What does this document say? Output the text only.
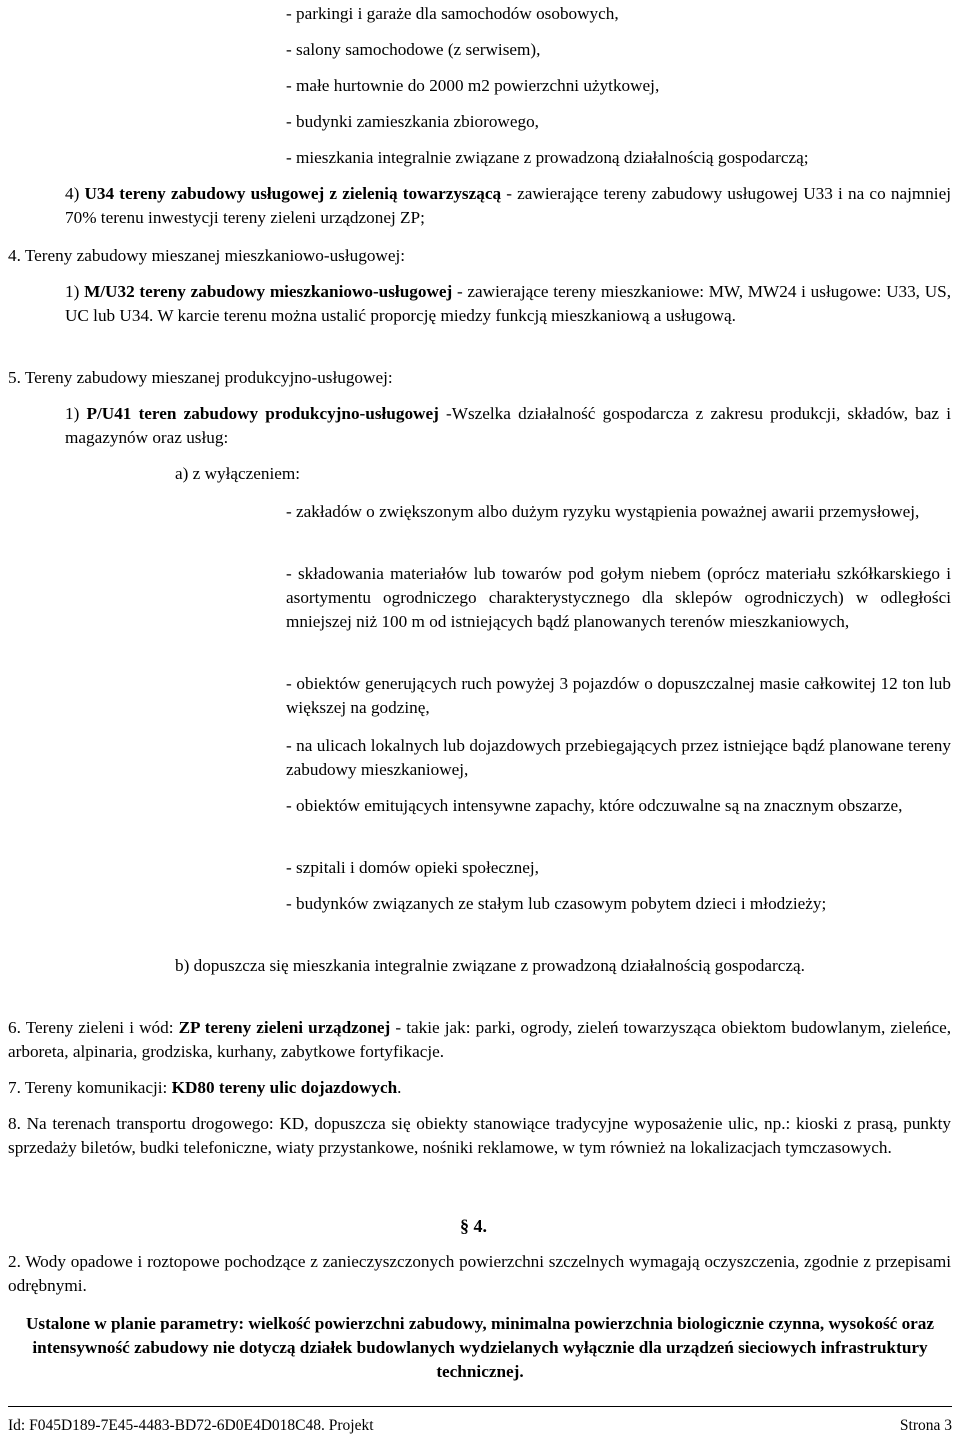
- parkingi i garaże dla samochodów osobowych,

- salony samochodowe (z serwisem),

- małe hurtownie do 2000 m2 powierzchni użytkowej,

- budynki zamieszkania zbiorowego,

- mieszkania integralnie związane z prowadzoną działalnością gospodarczą;

4) U34 tereny zabudowy usługowej z zielenią towarzyszącą - zawierające tereny zabudowy usługowej U33 i na co najmniej 70% terenu inwestycji tereny zieleni urządzonej ZP;

4. Tereny zabudowy mieszanej mieszkaniowo-usługowej:

1) M/U32 tereny zabudowy mieszkaniowo-usługowej - zawierające tereny mieszkaniowe: MW, MW24 i usługowe: U33, US, UC lub U34. W karcie terenu można ustalić proporcję miedzy funkcją mieszkaniową a usługową.

5. Tereny zabudowy mieszanej produkcyjno-usługowej:

1) P/U41 teren zabudowy produkcyjno-usługowej -Wszelka działalność gospodarcza z zakresu produkcji, składów, baz i magazynów oraz usług:

a) z wyłączeniem:

- zakładów o zwiększonym albo dużym ryzyku wystąpienia poważnej awarii przemysłowej,

- składowania materiałów lub towarów pod gołym niebem (oprócz materiału szkółkarskiego i asortymentu ogrodniczego charakterystycznego dla sklepów ogrodniczych) w odległości mniejszej niż 100 m od istniejących bądź planowanych terenów mieszkaniowych,

- obiektów generujących ruch powyżej 3 pojazdów o dopuszczalnej masie całkowitej 12 ton lub większej na godzinę,

- na ulicach lokalnych lub dojazdowych przebiegających przez istniejące bądź planowane tereny zabudowy mieszkaniowej,

- obiektów emitujących intensywne zapachy, które odczuwalne są na znacznym obszarze,

- szpitali i domów opieki społecznej,

- budynków związanych ze stałym lub czasowym pobytem dzieci i młodzieży;

b) dopuszcza się mieszkania integralnie związane z prowadzoną działalnością gospodarczą.

6. Tereny zieleni i wód: ZP tereny zieleni urządzonej - takie jak: parki, ogrody, zieleń towarzysząca obiektom budowlanym, zieleńce, arboreta, alpinaria, grodziska, kurhany, zabytkowe fortyfikacje.

7. Tereny komunikacji: KD80 tereny ulic dojazdowych.

8. Na terenach transportu drogowego: KD, dopuszcza się obiekty stanowiące tradycyjne wyposażenie ulic, np.: kioski z prasą, punkty sprzedaży biletów, budki telefoniczne, wiaty przystankowe, nośniki reklamowe, w tym również na lokalizacjach tymczasowych.

§ 4.

2. Wody opadowe i roztopowe pochodzące z zanieczyszczonych powierzchni szczelnych wymagają oczyszczenia, zgodnie z przepisami odrębnymi.

Ustalone w planie parametry: wielkość powierzchni zabudowy, minimalna powierzchnia biologicznie czynna, wysokość oraz intensywność zabudowy nie dotyczą działek budowlanych wydzielanych wyłącznie dla urządzeń sieciowych infrastruktury technicznej.

Id: F045D189-7E45-4483-BD72-6D0E4D018C48. Projekt	Strona 3
